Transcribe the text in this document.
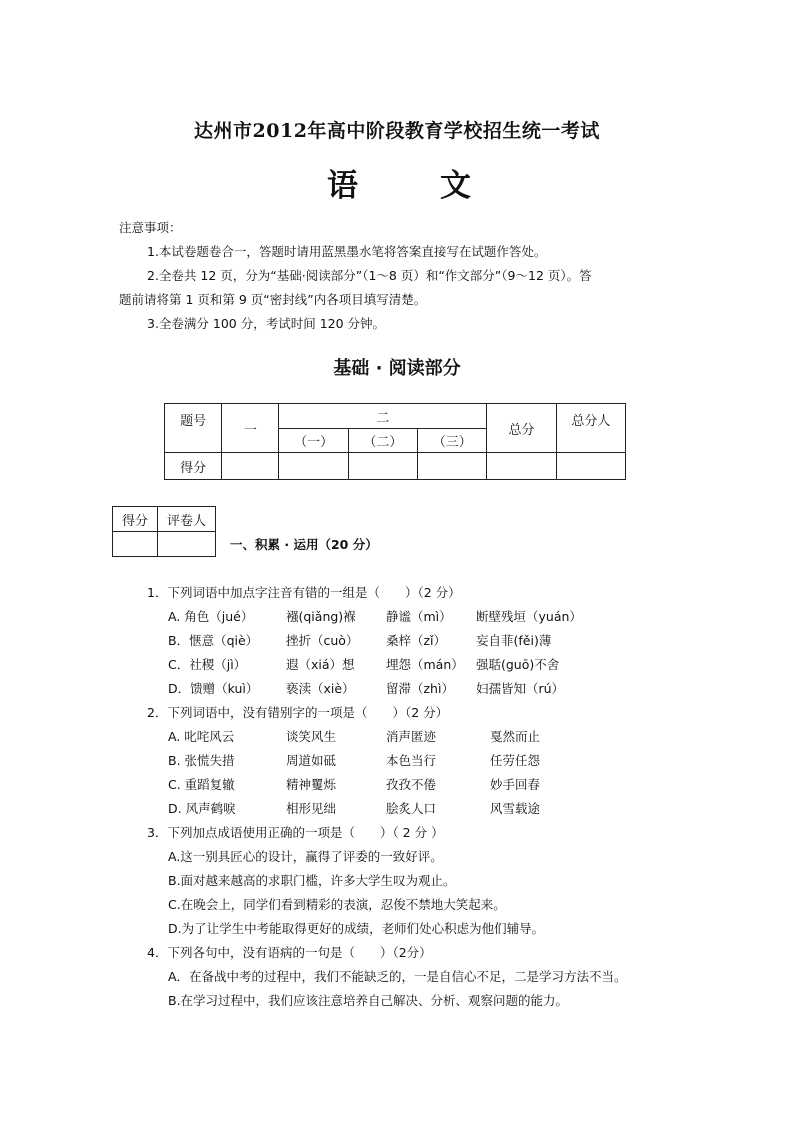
达州市2012年高中阶段教育学校招生统一考试
语	文
注意事项：
1.本试卷题卷合一，答题时请用蓝黑墨水笔将答案直接写在试题作答处。
2.全卷共 12 页，分为“基础·阅读部分”（1～8 页）和“作文部分”（9～12 页）。答
题前请将第 1 页和第 9 页“密封线”内各项目填写清楚。
3.全卷满分 100 分，考试时间 120 分钟。
基础 · 阅读部分
题号	一	二			总分	总分人
		（一）	（二）	（三）		
得分						
得分	评卷人

一、积累 · 运用（20 分）
1．下列词语中加点字注音有错的一组是（　　）（2 分）
A. 角色（jué）	襁(qiǎng)褓 静谧（mì） 断壁残垣（yuán）
B．惬意（qiè） 挫折（cuò） 桑梓（zǐ） 妄自菲(fěi)薄
C．社稷（jì）	遐（xiá）想	埋怨（mán） 强聒(guō)不舍
D．馈赠（kuì） 亵渎（xiè）	留滞（zhì） 妇孺皆知（rú）
2．下列词语中，没有错别字的一项是（　　）（2 分）
A. 叱咤风云	谈笑风生	消声匿迹	戛然而止
B. 张慌失措	周道如砥	本色当行	任劳任怨
C. 重蹈复辙	精神矍烁	孜孜不倦	妙手回春
D. 风声鹤唳	相形见绌	脍炙人口	风雪载途
3．下列加点成语使用正确的一项是（　　）（ 2 分 ）
A.这一别具匠心的设计，赢得了评委的一致好评。
B.面对越来越高的求职门槛，许多大学生叹为观止。
C.在晚会上，同学们看到精彩的表演，忍俊不禁地大笑起来。
D.为了让学生中考能取得更好的成绩，老师们处心积虑为他们辅导。
4．下列各句中，没有语病的一句是（　　）（2分）
A．在备战中考的过程中，我们不能缺乏的，一是自信心不足，二是学习方法不当。
B.在学习过程中，我们应该注意培养自己解决、分析、观察问题的能力。
